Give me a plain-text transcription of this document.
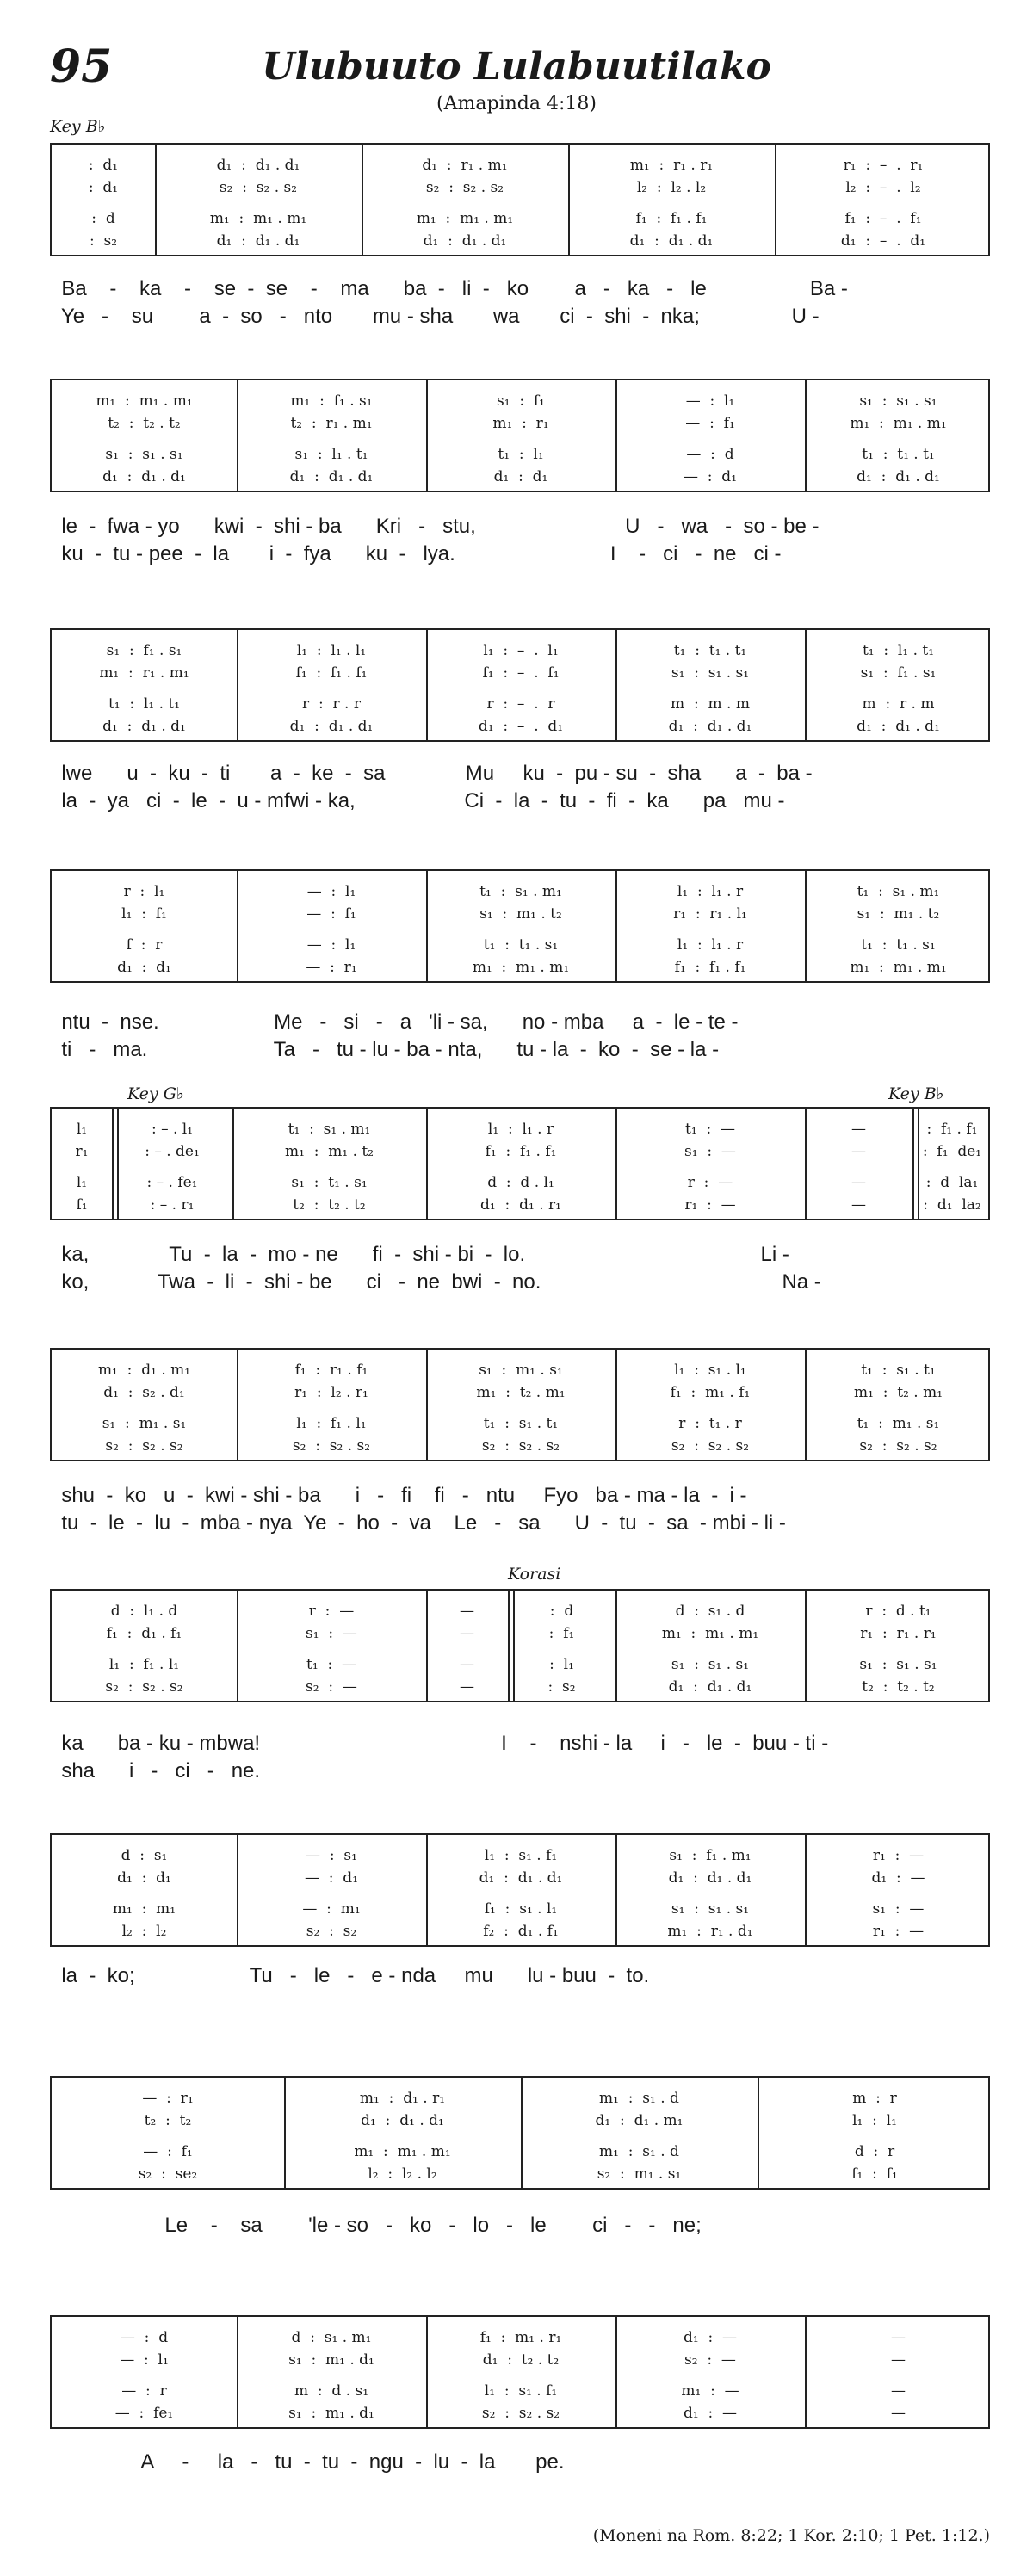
95	Ulubuuto Lulabuutilako
(Amapinda 4:18)
Key B♭
Key G♭	Key B♭
Korasi
:  d₁	d₁  :  d₁ . d₁	d₁  :  r₁ . m₁	m₁  :  r₁ . r₁	r₁  :  –  .  r₁
:  d₁	s₂  :  s₂ . s₂	s₂  :  s₂ . s₂	l₂  :  l₂ . l₂	l₂  :  –  .  l₂
:  d	m₁  :  m₁ . m₁	m₁  :  m₁ . m₁	f₁  :  f₁ . f₁	f₁  :  –  .  f₁
:  s₂	d₁  :  d₁ . d₁	d₁  :  d₁ . d₁	d₁  :  d₁ . d₁	d₁  :  –  .  d₁
Ba    -    ka    -    se  -  se    -    ma      ba  -   li  -   ko        a   -   ka   -   le                  Ba -
Ye   -    su        a  -  so   -   nto       mu - sha       wa       ci  -  shi  -  nka;                U -
m₁  :  m₁ . m₁	m₁  :  f₁ . s₁	s₁  :  f₁	—  :  l₁	s₁  :  s₁ . s₁
t₂  :  t₂ . t₂	t₂  :  r₁ . m₁	m₁  :  r₁	—  :  f₁	m₁  :  m₁ . m₁
s₁  :  s₁ . s₁	s₁  :  l₁ . t₁	t₁  :  l₁	—  :  d	t₁  :  t₁ . t₁
d₁  :  d₁ . d₁	d₁  :  d₁ . d₁	d₁  :  d₁	—  :  d₁	d₁  :  d₁ . d₁
le  -  fwa - yo      kwi  -  shi - ba      Kri   -   stu,                          U   -   wa   -  so - be -
ku  -  tu - pee  -  la       i  -  fya      ku  -   lya.                           I    -   ci   -  ne   ci -
s₁  :  f₁ . s₁	l₁  :  l₁ . l₁	l₁  :  –  .  l₁	t₁  :  t₁ . t₁	t₁  :  l₁ . t₁
m₁  :  r₁ . m₁	f₁  :  f₁ . f₁	f₁  :  –  .  f₁	s₁  :  s₁ . s₁	s₁  :  f₁ . s₁
t₁  :  l₁ . t₁	r  :  r . r	r  :  –  .  r	m  :  m . m	m  :  r . m
d₁  :  d₁ . d₁	d₁  :  d₁ . d₁	d₁  :  –  .  d₁	d₁  :  d₁ . d₁	d₁  :  d₁ . d₁
lwe      u  -  ku  -  ti       a  -  ke  -  sa              Mu     ku  -  pu - su  -  sha      a  -  ba -
la  -  ya   ci  -  le  -  u - mfwi - ka,                   Ci  -  la  -  tu  -  fi  -  ka      pa   mu -
r  :  l₁	—  :  l₁	t₁  :  s₁ . m₁	l₁  :  l₁ . r	t₁  :  s₁ . m₁
l₁  :  f₁	—  :  f₁	s₁  :  m₁ . t₂	r₁  :  r₁ . l₁	s₁  :  m₁ . t₂
f  :  r	—  :  l₁	t₁  :  t₁ . s₁	l₁  :  l₁ . r	t₁  :  t₁ . s₁
d₁  :  d₁	—  :  r₁	m₁  :  m₁ . m₁	f₁  :  f₁ . f₁	m₁  :  m₁ . m₁
ntu  -  nse.                    Me   -   si   -   a   'li - sa,      no - mba     a  -  le - te -
ti   -   ma.                      Ta   -   tu - lu - ba - nta,      tu - la  -  ko  -  se - la -
l₁	: – . l₁	t₁  :  s₁ . m₁	l₁  :  l₁ . r	t₁  :  —	—	:  f₁ . f₁
r₁	: – . de₁	m₁  :  m₁ . t₂	f₁  :  f₁ . f₁	s₁  :  —	—	:  f₁  de₁
l₁	: – . fe₁	s₁  :  t₁ . s₁	d  :  d . l₁	r  :  —	—	:  d  la₁
f₁	: – . r₁	t₂  :  t₂ . t₂	d₁  :  d₁ . r₁	r₁  :  —	—	:  d₁  la₂
ka,              Tu  -  la  -  mo - ne      fi  -  shi - bi  -  lo.                                         Li -
ko,            Twa  -  li  -  shi - be      ci   -  ne  bwi  -  no.                                          Na -
m₁  :  d₁ . m₁	f₁  :  r₁ . f₁	s₁  :  m₁ . s₁	l₁  :  s₁ . l₁	t₁  :  s₁ . t₁
d₁  :  s₂ . d₁	r₁  :  l₂ . r₁	m₁  :  t₂ . m₁	f₁  :  m₁ . f₁	m₁  :  t₂ . m₁
s₁  :  m₁ . s₁	l₁  :  f₁ . l₁	t₁  :  s₁ . t₁	r  :  t₁ . r	t₁  :  m₁ . s₁
s₂  :  s₂ . s₂	s₂  :  s₂ . s₂	s₂  :  s₂ . s₂	s₂  :  s₂ . s₂	s₂  :  s₂ . s₂
shu  -  ko   u  -  kwi - shi - ba      i   -   fi    fi   -   ntu     Fyo   ba - ma - la  -  i -
tu  -  le  -  lu  -  mba - nya  Ye  -  ho  -  va    Le   -   sa      U  -  tu  -  sa  - mbi - li -
d  :  l₁ . d	r  :  —	—	:  d	d  :  s₁ . d	r  :  d . t₁
f₁  :  d₁ . f₁	s₁  :  —	—	:  f₁	m₁  :  m₁ . m₁	r₁  :  r₁ . r₁
l₁  :  f₁ . l₁	t₁  :  —	—	:  l₁	s₁  :  s₁ . s₁	s₁  :  s₁ . s₁
s₂  :  s₂ . s₂	s₂  :  —	—	:  s₂	d₁  :  d₁ . d₁	t₂  :  t₂ . t₂
ka      ba - ku - mbwa!                                          I    -    nshi - la     i   -   le  -  buu - ti -
sha      i   -   ci   -   ne.
d  :  s₁	—  :  s₁	l₁  :  s₁ . f₁	s₁  :  f₁ . m₁	r₁  :  —
d₁  :  d₁	—  :  d₁	d₁  :  d₁ . d₁	d₁  :  d₁ . d₁	d₁  :  —
m₁  :  m₁	—  :  m₁	f₁  :  s₁ . l₁	s₁  :  s₁ . s₁	s₁  :  —
l₂  :  l₂	s₂  :  s₂	f₂  :  d₁ . f₁	m₁  :  r₁ . d₁	r₁  :  —
la  -  ko;                    Tu   -   le   -   e - nda     mu      lu - buu  -  to.
—  :  r₁	m₁  :  d₁ . r₁	m₁  :  s₁ . d	m  :  r
t₂  :  t₂	d₁  :  d₁ . d₁	d₁  :  d₁ . m₁	l₁  :  l₁
—  :  f₁	m₁  :  m₁ . m₁	m₁  :  s₁ . d	d  :  r
s₂  :  se₂	l₂  :  l₂ . l₂	s₂  :  m₁ . s₁	f₁  :  f₁
Le    -    sa        'le - so   -   ko   -   lo   -   le        ci   -   -   ne;
—  :  d	d  :  s₁ . m₁	f₁  :  m₁ . r₁	d₁  :  —	—
—  :  l₁	s₁  :  m₁ . d₁	d₁  :  t₂ . t₂	s₂  :  —	—
—  :  r	m  :  d . s₁	l₁  :  s₁ . f₁	m₁  :  —	—
—  :  fe₁	s₁  :  m₁ . d₁	s₂  :  s₂ . s₂	d₁  :  —	—
A     -     la   -   tu  -  tu  -  ngu  -  lu  -  la       pe.
(Moneni na Rom. 8:22; 1 Kor. 2:10; 1 Pet. 1:12.)
